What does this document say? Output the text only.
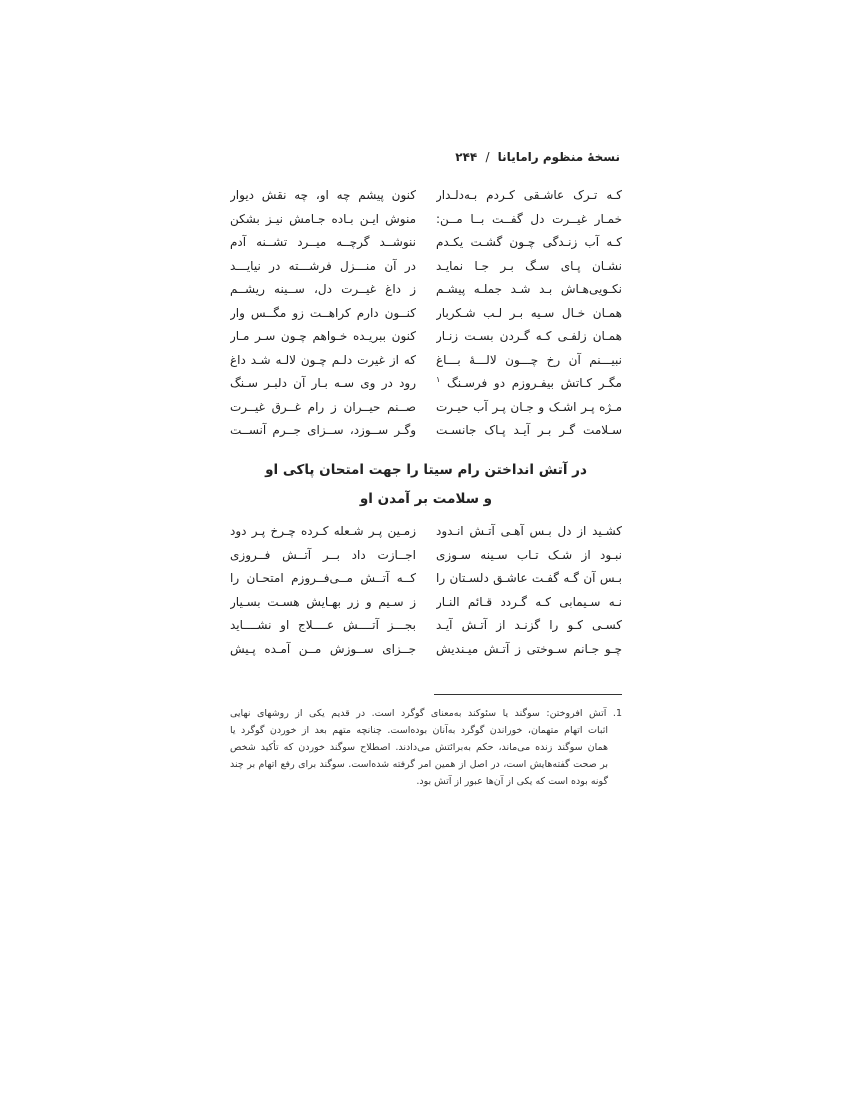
نسخهٔ منظوم رامایانا / ۲۴۴
کـه تـرک عاشـقی کـردم بـه‌دلـدار
کنون پیشم چه او، چه نقش دیوار
خمـار غیــرت دل گفــت بــا مــن:
منوش ایـن بـاده جـامش نیـز بشکن
کـه آب زنـدگی چـون گشـت یکـدم
ننوشــد گرچــه میــرد تشــنه آدم
نشـان پـای سـگ بـر جـا نمایـد
در آن منـــزل فرشـــته در نیایـــد
نکـویی‌هـاش بـد شـد جملـه پیشـم
ز داغ غیــرت دل، ســینه ریشــم
همـان خـال سـیه بـر لـب شـکربار
کنــون دارم کراهــت زو مگــس وار
همـان زلفـی کـه گـردن بسـت زنـار
کنون ببریـده خـواهم چـون سـر مـار
نبیـــنم آن رخ چـــون لالـــهٔ بـــاغ
که از غیرت دلـم چـون لالـه شـد داغ
مگـر کـاتش بیفـروزم دو فرسـنگ $^۱$
رود در وی سـه بـار آن دلبـر سـنگ
مـژه پـر اشـک و جـان پـر آب حیـرت
صــنم حیــران ز رام غــرق غیــرت
سـلامت گـر بـر آیـد پـاک جانسـت
وگـر ســوزد، ســزای جــرم آنســت
در آتش انداختن رام سیتا را جهت امتحان پاکی او
و سلامت بر آمدن او
کشـید از دل بـس آهـی آتـش انـدود
زمـین پـر شـعله کـرده چـرخ پـر دود
نبـود از شـک تـاب سـینه سـوزی
اجــازت داد بــر آتــش فــروزی
بـس آن گـه گفـت عاشـق دلسـتان را
کــه آتــش مــی‌فــروزم امتحـان را
نـه سـیمابی کـه گـردد قـائم النـار
ز سـیم و زر بهـایش هسـت بسـیار
کسـی کـو را گزنـد از آتـش آیـد
بجـــز آتــــش عــــلاج او نشــــاید
چـو جـانم سـوختی ز آتـش میـندیش
جــزای ســوزش مــن آمـده پـیش
1. آتش افروختن: سوگند یا سئوکند به‌معنای گوگرد است. در قدیم یکی از روشهای نهایی
اثبات اتهام متهمان، خوراندن گوگرد به‌آنان بوده‌است. چنانچه متهم بعد از خوردن گوگرد یا
همان سوگند زنده می‌ماند، حکم به‌برائتش می‌دادند. اصطلاح سوگند خوردن که تأکید شخص
بر صحت گفته‌هایش است، در اصل از همین امر گرفته شده‌است. سوگند برای رفع اتهام بر چند
گونه بوده است که یکی از آن‌ها عبور از آتش بود.
